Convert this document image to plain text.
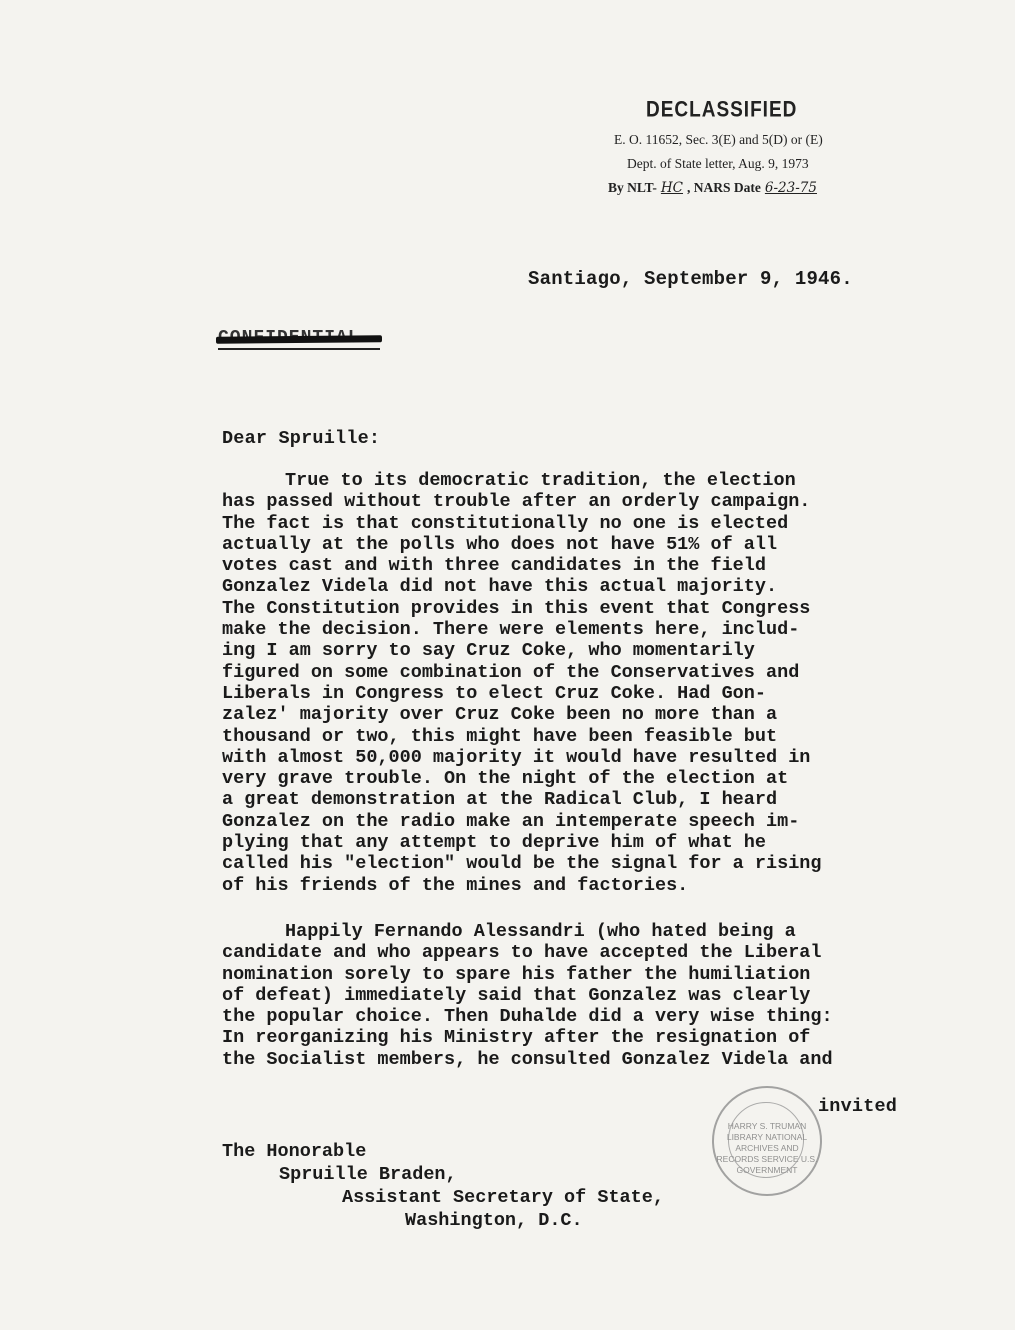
DECLASSIFIED
E. O. 11652, Sec. 3(E) and 5(D) or (E)
Dept. of State letter, Aug. 9, 1973
By NLT- HC , NARS Date 6-23-75
Santiago, September 9, 1946.
Dear Spruille:
True to its democratic tradition, the election
has passed without trouble after an orderly campaign.
The fact is that constitutionally no one is elected
actually at the polls who does not have 51% of all
votes cast and with three candidates in the field
Gonzalez Videla did not have this actual majority.
The Constitution provides in this event that Congress
make the decision. There were elements here, includ-
ing I am sorry to say Cruz Coke, who momentarily
figured on some combination of the Conservatives and
Liberals in Congress to elect Cruz Coke. Had Gon-
zalez' majority over Cruz Coke been no more than a
thousand or two, this might have been feasible but
with almost 50,000 majority it would have resulted in
very grave trouble. On the night of the election at
a great demonstration at the Radical Club, I heard
Gonzalez on the radio make an intemperate speech im-
plying that any attempt to deprive him of what he
called his "election" would be the signal for a rising
of his friends of the mines and factories.
Happily Fernando Alessandri (who hated being a
candidate and who appears to have accepted the Liberal
nomination sorely to spare his father the humiliation
of defeat) immediately said that Gonzalez was clearly
the popular choice. Then Duhalde did a very wise thing:
In reorganizing his Ministry after the resignation of
the Socialist members, he consulted Gonzalez Videla and
invited
HARRY S. TRUMAN LIBRARY NATIONAL ARCHIVES AND RECORDS SERVICE U.S. GOVERNMENT
The Honorable
Spruille Braden,
Assistant Secretary of State,
Washington, D.C.
